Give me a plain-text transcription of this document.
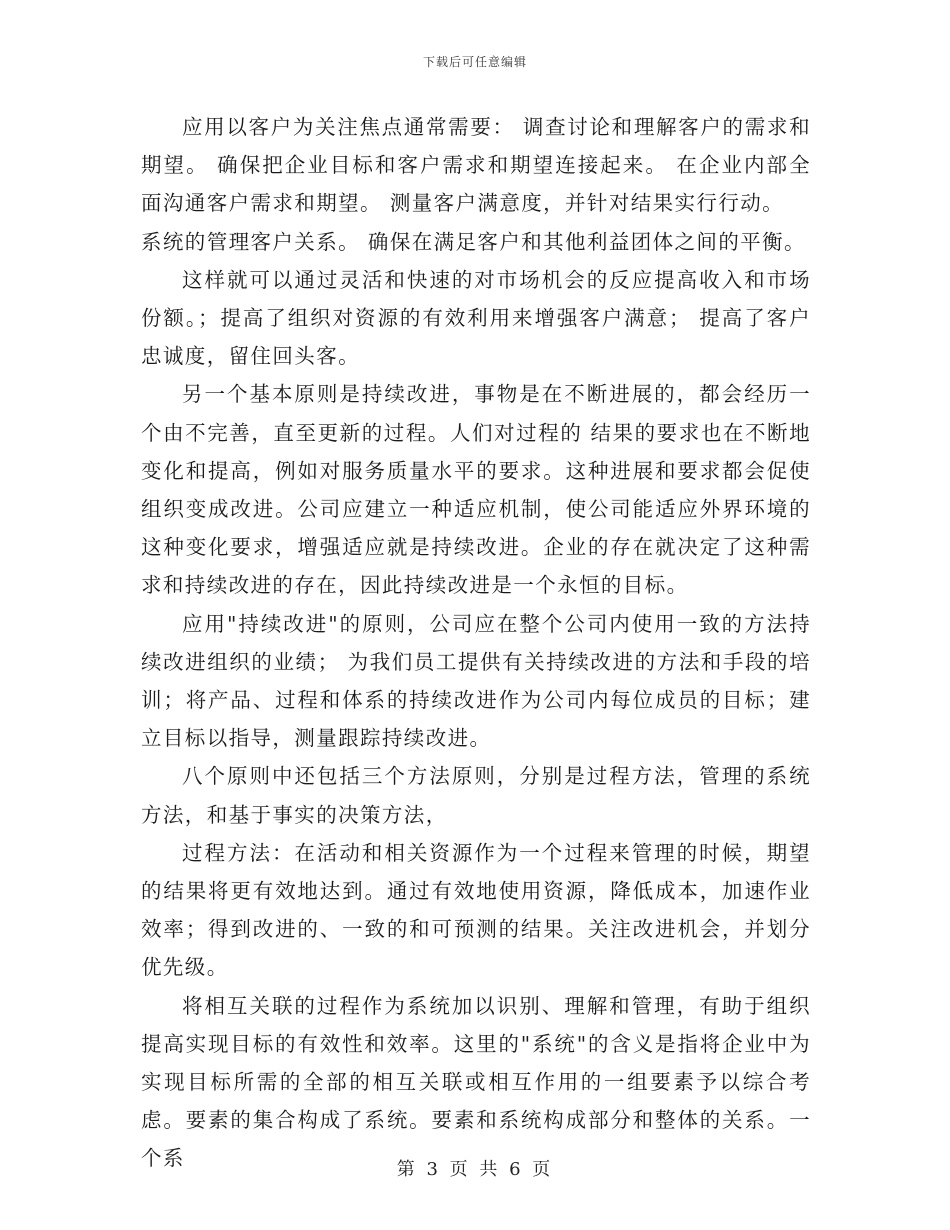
下载后可任意编辑

应用以客户为关注焦点通常需要： 调查讨论和理解客户的需求和期望。 确保把企业目标和客户需求和期望连接起来。 在企业内部全面沟通客户需求和期望。 测量客户满意度，并针对结果实行行动。

系统的管理客户关系。 确保在满足客户和其他利益团体之间的平衡。

这样就可以通过灵活和快速的对市场机会的反应提高收入和市场份额。；提高了组织对资源的有效利用来增强客户满意； 提高了客户忠诚度，留住回头客。

另一个基本原则是持续改进，事物是在不断进展的，都会经历一个由不完善，直至更新的过程。人们对过程的 结果的要求也在不断地变化和提高，例如对服务质量水平的要求。这种进展和要求都会促使组织变成改进。公司应建立一种适应机制，使公司能适应外界环境的这种变化要求，增强适应就是持续改进。企业的存在就决定了这种需求和持续改进的存在，因此持续改进是一个永恒的目标。

应用"持续改进"的原则，公司应在整个公司内使用一致的方法持续改进组织的业绩； 为我们员工提供有关持续改进的方法和手段的培训；将产品、过程和体系的持续改进作为公司内每位成员的目标；建立目标以指导，测量跟踪持续改进。

八个原则中还包括三个方法原则，分别是过程方法，管理的系统方法，和基于事实的决策方法，

过程方法：在活动和相关资源作为一个过程来管理的时候，期望的结果将更有效地达到。通过有效地使用资源，降低成本，加速作业效率；得到改进的、一致的和可预测的结果。关注改进机会，并划分优先级。

将相互关联的过程作为系统加以识别、理解和管理，有助于组织提高实现目标的有效性和效率。这里的"系统"的含义是指将企业中为实现目标所需的全部的相互关联或相互作用的一组要素予以综合考虑。要素的集合构成了系统。要素和系统构成部分和整体的关系。一个系	第 3 页 共 6 页
